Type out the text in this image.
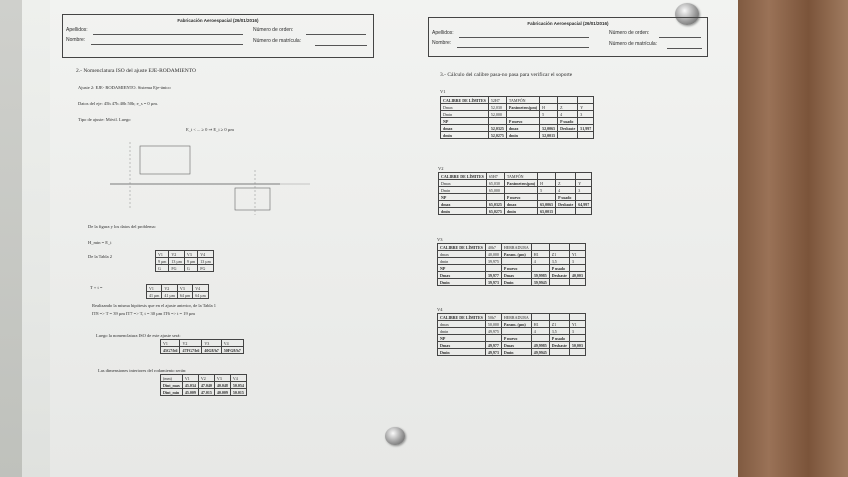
Fabricación Aeroespacial (26/01/2016)
Apellidos:
Nombre:
Número de orden:
Número de matrícula:
Fabricación Aeroespacial (26/01/2016)
Apellidos:
Nombre:
Número de orden:
Número de matrícula:
2.- Nomenclatura ISO del ajuste EJE-RODAMIENTO
Ajuste 2: EJE- RODAMIENTO. Sistema Eje-único
Datos del eje: 45h 47h 40h 50h; e_s = 0 µm.
Tipo de ajuste: Móvil. Luego
E_i < ... ≥ 0 ⇒ E_i ≥ 0 µm
De la figura y los datos del problema:
H_min = E_i
De la Tabla 2	V1	V2	V3	V4
9 µm	13 µm	9 µm	13 µm
G	FG	G	FG
T + t =	V1	V2	V3	V4
41 µm	41 µm	64 µm	64 µm
Realizando la misma hipótesis que en el ajuste anterior, de la Tabla 1
IT8 => T = 39 µm IT7 => T, t = 30 µm IT6 => t = 19 µm
Luego la nomenclatura ISO de este ajuste será:
V1	V2	V3	V4
45G7/h6	47FG7/h6	40G8/h7	50FG8/h7
Las dimensiones interiores del rodamiento serán:
(mm)	V1	V2	V3	V4
Dint_max	45.034	47.040	40.048	50.054
Dint_min	45.009	47.015	40.009	50.015
3.- Cálculo del calibre pasa-no pasa para verificar el soporte
V1
CALIBRE DE LÍMITES	52H7	TAMPÓN			
Dmax	52,030	Parámetros(µm)	H	Z	Y
Dmin	52,000		5	4	3
NP		P nuevo		P usado	
dmax	52,0325	dmax	52,0065	Desbaste	51,997
dmin	52,0275	dmin	52,0015		
V2
CALIBRE DE LÍMITES	65H7	TAMPÓN			
Dmax	65,030	Parámetros(µm)	H	Z	Y
Dmin	65,000		5	4	3
NP		P nuevo		P usado	
dmax	65,0325	dmax	65,0065	Desbaste	64,997
dmin	65,0275	dmin	65,0015		
V3
CALIBRE DE LÍMITES	40h7	HERRADURA			
dmax	40,000	Param. (µm)	H1	Z1	Y1
dmin	39,975		4	3,5	3
NP		P nuevo		P usado	
Dmax	39,977	Dmax	39,9985	Desbaste	40,003
Dmin	39,973	Dmin	39,9945		
V4
CALIBRE DE LÍMITES	50h7	HERRADURA			
dmax	50,000	Param. (µm)	H1	Z1	Y1
dmin	49,975		4	3,5	3
NP		P nuevo		P usado	
Dmax	49,977	Dmax	49,9985	Desbaste	50,003
Dmin	49,973	Dmin	49,9945		
